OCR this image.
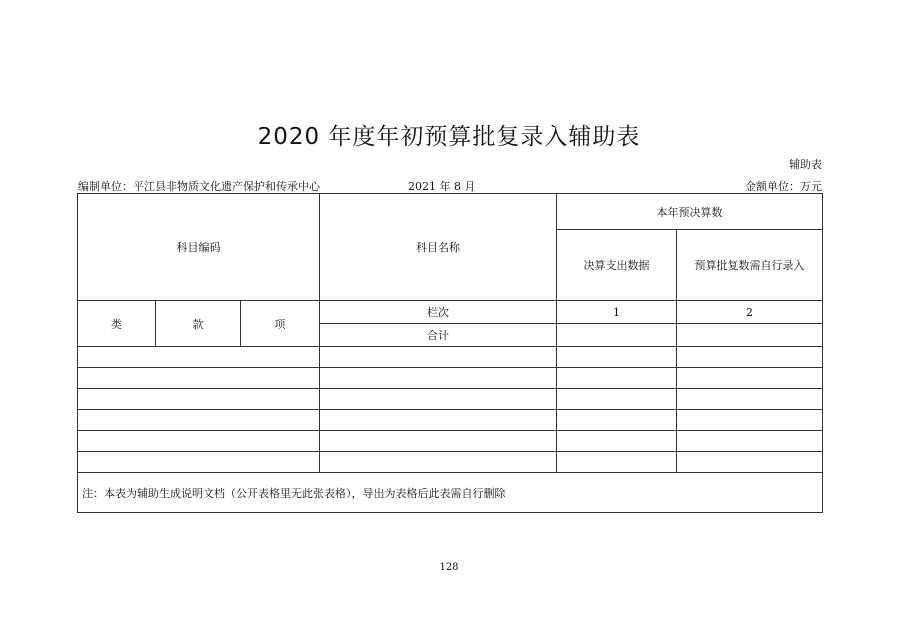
2020 年度年初预算批复录入辅助表
辅助表
编制单位：平江县非物质文化遗产保护和传承中心	2021 年 8 月	金额单位：万元
科目编码			科目名称	本年预决算数	
				决算支出数据	预算批复数需自行录入
类	款	项	栏次	1	2
			合计		

注：本表为辅助生成说明文档（公开表格里无此张表格），导出为表格后此表需自行删除					
128
